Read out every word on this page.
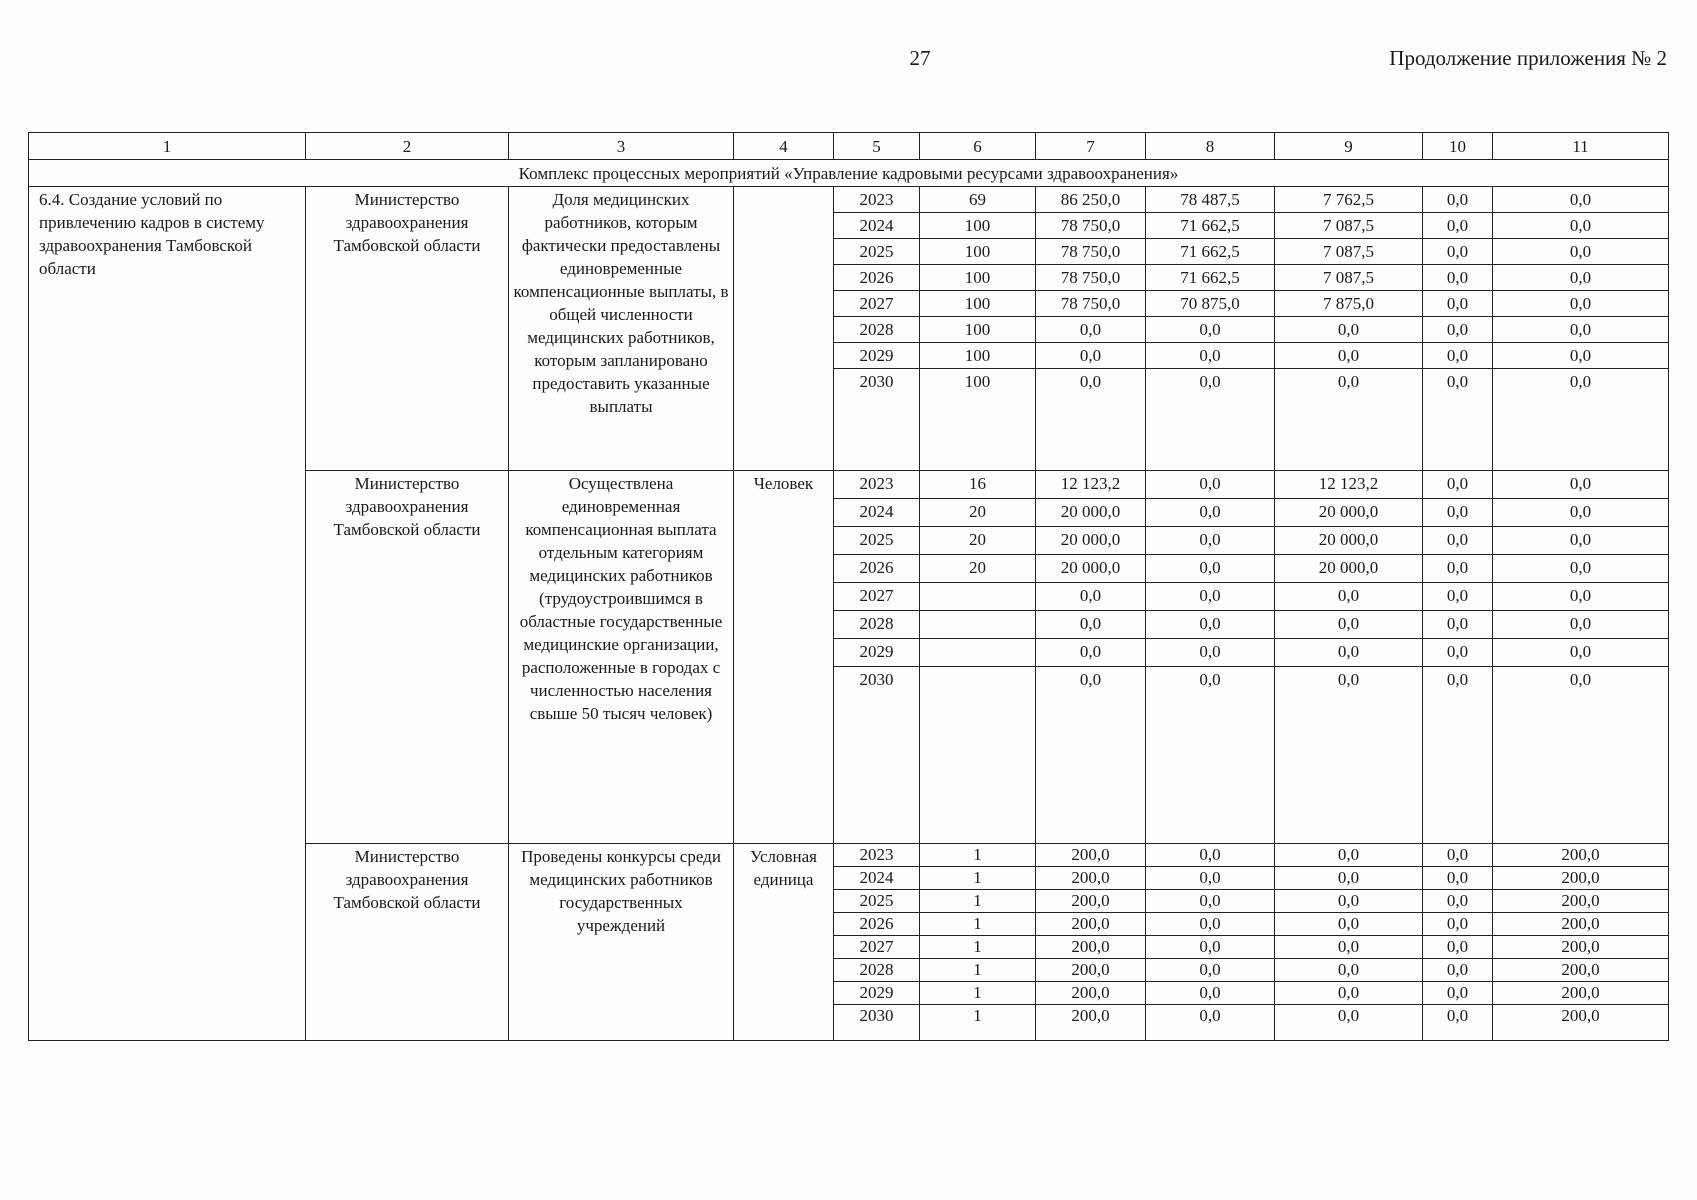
27	Продолжение приложения № 2
1	2	3	4	5	6	7	8	9	10	11
Комплекс процессных мероприятий «Управление кадровыми ресурсами здравоохранения»										
6.4. Создание условий по привлечению кадров в систему здравоохранения Тамбовской области	Министерство здравоохранения Тамбовской области	Доля медицинских работников, которым фактически предоставлены единовременные компенсационные выплаты, в общей численности медицинских работников, которым запланировано предоставить указанные выплаты		2023	69	86 250,0	78 487,5	7 762,5	0,0	0,0
				2024	100	78 750,0	71 662,5	7 087,5	0,0	0,0
				2025	100	78 750,0	71 662,5	7 087,5	0,0	0,0
				2026	100	78 750,0	71 662,5	7 087,5	0,0	0,0
				2027	100	78 750,0	70 875,0	7 875,0	0,0	0,0
				2028	100	0,0	0,0	0,0	0,0	0,0
				2029	100	0,0	0,0	0,0	0,0	0,0
				2030	100	0,0	0,0	0,0	0,0	0,0
	Министерство здравоохранения Тамбовской области	Осуществлена единовременная компенсационная выплата отдельным категориям медицинских работников (трудоустроившимся в областные государственные медицинские организации, расположенные в городах с численностью населения свыше 50 тысяч человек)	Человек	2023	16	12 123,2	0,0	12 123,2	0,0	0,0
				2024	20	20 000,0	0,0	20 000,0	0,0	0,0
				2025	20	20 000,0	0,0	20 000,0	0,0	0,0
				2026	20	20 000,0	0,0	20 000,0	0,0	0,0
				2027		0,0	0,0	0,0	0,0	0,0
				2028		0,0	0,0	0,0	0,0	0,0
				2029		0,0	0,0	0,0	0,0	0,0
				2030		0,0	0,0	0,0	0,0	0,0
	Министерство здравоохранения Тамбовской области	Проведены конкурсы среди медицинских работников государственных учреждений	Условная единица	2023	1	200,0	0,0	0,0	0,0	200,0
				2024	1	200,0	0,0	0,0	0,0	200,0
				2025	1	200,0	0,0	0,0	0,0	200,0
				2026	1	200,0	0,0	0,0	0,0	200,0
				2027	1	200,0	0,0	0,0	0,0	200,0
				2028	1	200,0	0,0	0,0	0,0	200,0
				2029	1	200,0	0,0	0,0	0,0	200,0
				2030	1	200,0	0,0	0,0	0,0	200,0
